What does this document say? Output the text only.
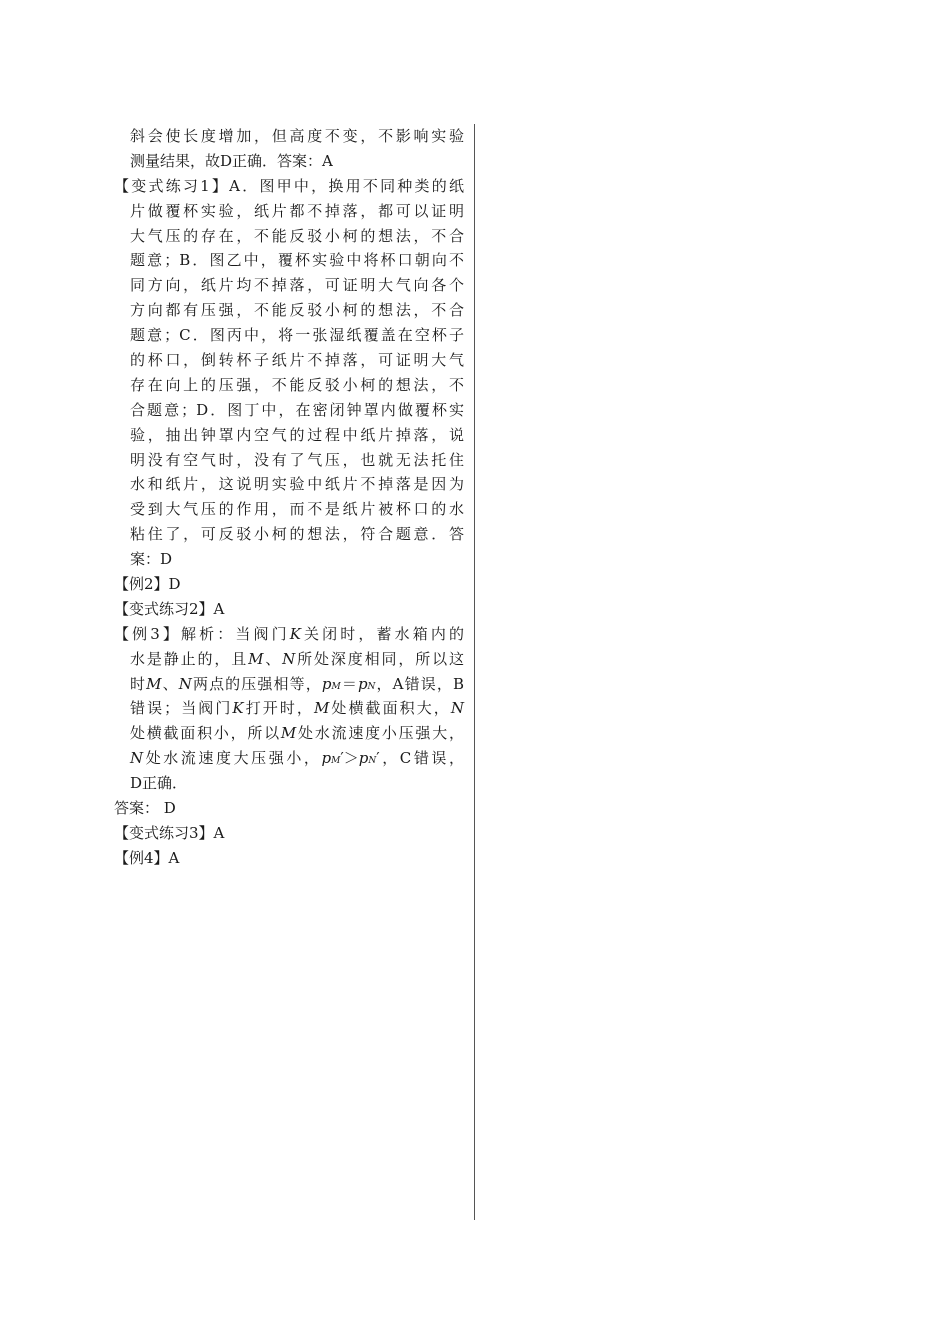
斜会使长度增加，但高度不变，不影响实验
测量结果，故D正确．答案：A
【变式练习1】A．图甲中，换用不同种类的纸
片做覆杯实验，纸片都不掉落，都可以证明
大气压的存在，不能反驳小柯的想法，不合
题意；B．图乙中，覆杯实验中将杯口朝向不
同方向，纸片均不掉落，可证明大气向各个
方向都有压强，不能反驳小柯的想法，不合
题意；C．图丙中，将一张湿纸覆盖在空杯子
的杯口，倒转杯子纸片不掉落，可证明大气
存在向上的压强，不能反驳小柯的想法，不
合题意；D．图丁中，在密闭钟罩内做覆杯实
验，抽出钟罩内空气的过程中纸片掉落，说
明没有空气时，没有了气压，也就无法托住
水和纸片，这说明实验中纸片不掉落是因为
受到大气压的作用，而不是纸片被杯口的水
粘住了，可反驳小柯的想法，符合题意．答
案：D
【例2】D
【变式练习2】A
【例3】解析：当阀门K关闭时，蓄水箱内的
水是静止的，且M、N所处深度相同，所以这
时M、N两点的压强相等，pM＝pN，A错误，B
错误；当阀门K打开时，M处横截面积大，N
处横截面积小，所以M处水流速度小压强大，
N处水流速度大压强小，pM′＞pN′，C错误，
D正确．
答案： D
【变式练习3】A
【例4】A
